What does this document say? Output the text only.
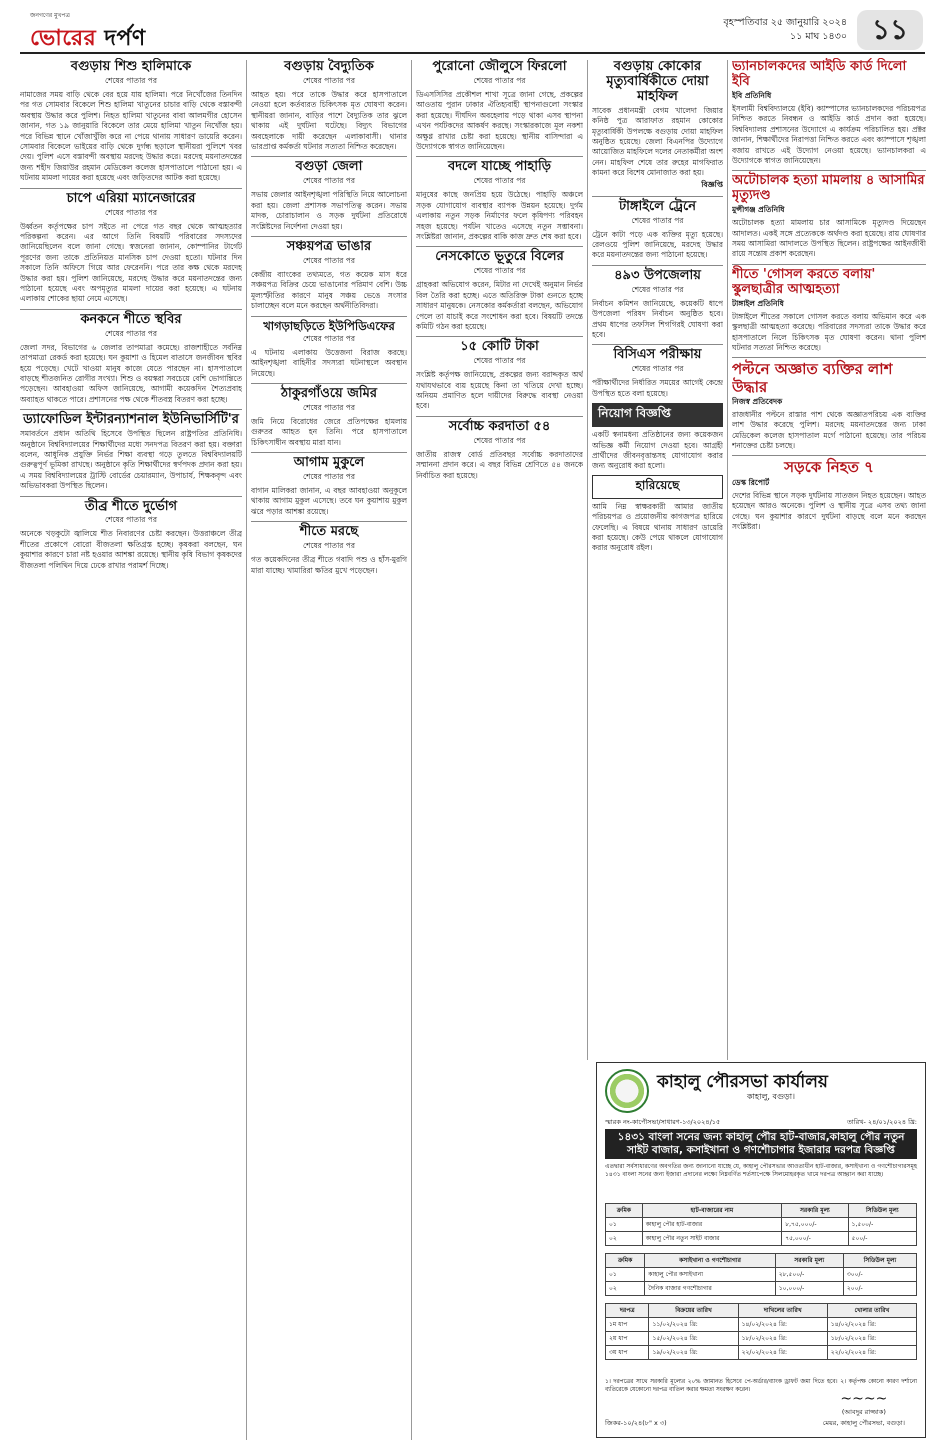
জনগণের মুখপত্র
ভোরের দর্পণ
বৃহস্পতিবার ২৫ জানুয়ারি ২০২৪
১১ মাঘ ১৪৩০ ১১
বগুড়ায় শিশু হালিমাকে
শেষের পাতার পর
নামাজের সময় বাড়ি থেকে বের হয়ে যায় হালিমা। পরে নিখোঁজের তিনদিন পর গত সোমবার বিকেলে শিশু হালিমা খাতুনের চাচার বাড়ি থেকে বস্তাবন্দী অবস্থায় উদ্ধার করে পুলিশ। নিহত হালিমা খাতুনের বাবা আলমগীর হোসেন জানান, গত ১৯ জানুয়ারি বিকেলে তার মেয়ে হালিমা খাতুন নিখোঁজ হয়। পরে বিভিন্ন স্থানে খোঁজাখুঁজি করে না পেয়ে থানায় সাধারণ ডায়েরি করেন। সোমবার বিকেলে ভাইয়ের বাড়ি থেকে দুর্গন্ধ ছড়ালে স্থানীয়রা পুলিশে খবর দেয়। পুলিশ এসে বস্তাবন্দী অবস্থায় মরদেহ উদ্ধার করে। মরদেহ ময়নাতদন্তের জন্য শহীদ জিয়াউর রহমান মেডিকেল কলেজ হাসপাতালে পাঠানো হয়। এ ঘটনায় মামলা দায়ের করা হয়েছে এবং জড়িতদের আটক করা হয়েছে।
চাপে এরিয়া ম্যানেজারের
শেষের পাতার পর
উর্ধ্বতন কর্তৃপক্ষের চাপ সইতে না পেরে গত বছর থেকে আত্মহত্যার পরিকল্পনা করেন। এর আগে তিনি বিষয়টি পরিবারের সদস্যদের জানিয়েছিলেন বলে জানা গেছে। স্বজনেরা জানান, কোম্পানির টার্গেট পূরণের জন্য তাকে প্রতিনিয়ত মানসিক চাপ দেওয়া হতো। ঘটনার দিন সকালে তিনি অফিসে গিয়ে আর ফেরেননি। পরে তার কক্ষ থেকে মরদেহ উদ্ধার করা হয়। পুলিশ জানিয়েছে, মরদেহ উদ্ধার করে ময়নাতদন্তের জন্য পাঠানো হয়েছে এবং অপমৃত্যুর মামলা দায়ের করা হয়েছে। এ ঘটনায় এলাকায় শোকের ছায়া নেমে এসেছে।
কনকনে শীতে স্থবির
শেষের পাতার পর
জেলা সদর, বিভাগের ৬ জেলার তাপমাত্রা কমেছে। রাজশাহীতে সর্বনিম্ন তাপমাত্রা রেকর্ড করা হয়েছে। ঘন কুয়াশা ও হিমেল বাতাসে জনজীবন স্থবির হয়ে পড়েছে। খেটে খাওয়া মানুষ কাজে যেতে পারছেন না। হাসপাতালে বাড়ছে শীতজনিত রোগীর সংখ্যা। শিশু ও বয়স্করা সবচেয়ে বেশি ভোগান্তিতে পড়েছেন। আবহাওয়া অফিস জানিয়েছে, আগামী কয়েকদিন শৈত্যপ্রবাহ অব্যাহত থাকতে পারে। প্রশাসনের পক্ষ থেকে শীতবস্ত্র বিতরণ করা হচ্ছে।
ড্যাফোডিল ইন্টারন্যাশনাল ইউনিভার্সিটি'র
সমাবর্তনে প্রধান অতিথি হিসেবে উপস্থিত ছিলেন রাষ্ট্রপতির প্রতিনিধি। অনুষ্ঠানে বিশ্ববিদ্যালয়ের শিক্ষার্থীদের মধ্যে সনদপত্র বিতরণ করা হয়। বক্তারা বলেন, আধুনিক প্রযুক্তি নির্ভর শিক্ষা ব্যবস্থা গড়ে তুলতে বিশ্ববিদ্যালয়টি গুরুত্বপূর্ণ ভূমিকা রাখছে। অনুষ্ঠানে কৃতি শিক্ষার্থীদের স্বর্ণপদক প্রদান করা হয়। এ সময় বিশ্ববিদ্যালয়ের ট্রাস্টি বোর্ডের চেয়ারম্যান, উপাচার্য, শিক্ষকবৃন্দ এবং অভিভাবকরা উপস্থিত ছিলেন।
তীব্র শীতে দুর্ভোগ
শেষের পাতার পর
অনেকে খড়কুটো জ্বালিয়ে শীত নিবারণের চেষ্টা করছেন। উত্তরাঞ্চলে তীব্র শীতের প্রকোপে বোরো বীজতলা ক্ষতিগ্রস্ত হচ্ছে। কৃষকরা বলছেন, ঘন কুয়াশার কারণে চারা নষ্ট হওয়ার আশঙ্কা রয়েছে। স্থানীয় কৃষি বিভাগ কৃষকদের বীজতলা পলিথিন দিয়ে ঢেকে রাখার পরামর্শ দিচ্ছে।
বগুড়ায় বৈদ্যুতিক
শেষের পাতার পর
আহত হয়। পরে তাকে উদ্ধার করে হাসপাতালে নেওয়া হলে কর্তব্যরত চিকিৎসক মৃত ঘোষণা করেন। স্থানীয়রা জানান, বাড়ির পাশে বৈদ্যুতিক তার ঝুলে থাকায় এই দুর্ঘটনা ঘটেছে। বিদ্যুৎ বিভাগের অবহেলাকে দায়ী করেছেন এলাকাবাসী। থানার ভারপ্রাপ্ত কর্মকর্তা ঘটনার সত্যতা নিশ্চিত করেছেন।
বগুড়া জেলা
শেষের পাতার পর
সভায় জেলার আইনশৃঙ্খলা পরিস্থিতি নিয়ে আলোচনা করা হয়। জেলা প্রশাসক সভাপতিত্ব করেন। সভায় মাদক, চোরাচালান ও সড়ক দুর্ঘটনা প্রতিরোধে সংশ্লিষ্টদের নির্দেশনা দেওয়া হয়।
সঞ্চয়পত্র ভাঙার
শেষের পাতার পর
কেন্দ্রীয় ব্যাংকের তথ্যমতে, গত কয়েক মাস ধরে সঞ্চয়পত্র বিক্রির চেয়ে ভাঙানোর পরিমাণ বেশি। উচ্চ মূল্যস্ফীতির কারণে মানুষ সঞ্চয় ভেঙে সংসার চালাচ্ছেন বলে মনে করছেন অর্থনীতিবিদরা।
খাগড়াছড়িতে ইউপিডিএফের
শেষের পাতার পর
এ ঘটনায় এলাকায় উত্তেজনা বিরাজ করছে। আইনশৃঙ্খলা বাহিনীর সদস্যরা ঘটনাস্থলে অবস্থান নিয়েছে।
ঠাকুরগাঁওয়ে জমির
শেষের পাতার পর
জমি নিয়ে বিরোধের জেরে প্রতিপক্ষের হামলায় গুরুতর আহত হন তিনি। পরে হাসপাতালে চিকিৎসাধীন অবস্থায় মারা যান।
আগাম মুকুলে
শেষের পাতার পর
বাগান মালিকরা জানান, এ বছর আবহাওয়া অনুকূলে থাকায় আগাম মুকুল এসেছে। তবে ঘন কুয়াশায় মুকুল ঝরে পড়ার আশঙ্কা রয়েছে।
শীতে মরছে
শেষের পাতার পর
গত কয়েকদিনের তীব্র শীতে গবাদি পশু ও হাঁস-মুরগি মারা যাচ্ছে। খামারিরা ক্ষতির মুখে পড়েছেন।
পুরোনো জৌলুসে ফিরলো
শেষের পাতার পর
ডিএসসিসির প্রকৌশল শাখা সূত্রে জানা গেছে, প্রকল্পের আওতায় পুরান ঢাকার ঐতিহ্যবাহী স্থাপনাগুলো সংস্কার করা হয়েছে। দীর্ঘদিন অবহেলায় পড়ে থাকা এসব স্থাপনা এখন পর্যটকদের আকর্ষণ করছে। সংস্কারকাজে মূল নকশা অক্ষুণ্ণ রাখার চেষ্টা করা হয়েছে। স্থানীয় বাসিন্দারা এ উদ্যোগকে স্বাগত জানিয়েছেন।
বদলে যাচ্ছে পাহাড়ি
শেষের পাতার পর
মানুষের কাছে জনপ্রিয় হয়ে উঠেছে। পাহাড়ি অঞ্চলে সড়ক যোগাযোগ ব্যবস্থার ব্যাপক উন্নয়ন হয়েছে। দুর্গম এলাকায় নতুন সড়ক নির্মাণের ফলে কৃষিপণ্য পরিবহন সহজ হয়েছে। পর্যটন খাতেও এসেছে নতুন সম্ভাবনা। সংশ্লিষ্টরা জানান, প্রকল্পের বাকি কাজ দ্রুত শেষ করা হবে।
নেসকোতে ভূতুরে বিলের
শেষের পাতার পর
গ্রাহকরা অভিযোগ করেন, মিটার না দেখেই অনুমান নির্ভর বিল তৈরি করা হচ্ছে। এতে অতিরিক্ত টাকা গুনতে হচ্ছে সাধারণ মানুষকে। নেসকোর কর্মকর্তারা বলছেন, অভিযোগ পেলে তা যাচাই করে সংশোধন করা হবে। বিষয়টি তদন্তে কমিটি গঠন করা হয়েছে।
১৫ কোটি টাকা
শেষের পাতার পর
সংশ্লিষ্ট কর্তৃপক্ষ জানিয়েছে, প্রকল্পের জন্য বরাদ্দকৃত অর্থ যথাযথভাবে ব্যয় হয়েছে কিনা তা খতিয়ে দেখা হচ্ছে। অনিয়ম প্রমাণিত হলে দায়ীদের বিরুদ্ধে ব্যবস্থা নেওয়া হবে।
সর্বোচ্চ করদাতা ৫৪
শেষের পাতার পর
জাতীয় রাজস্ব বোর্ড প্রতিবছর সর্বোচ্চ করদাতাদের সম্মাননা প্রদান করে। এ বছর বিভিন্ন শ্রেণিতে ৫৪ জনকে নির্বাচিত করা হয়েছে।
বগুড়ায় কোকোর মৃত্যুবার্ষিকীতে দোয়া মাহফিল
সাবেক প্রধানমন্ত্রী বেগম খালেদা জিয়ার কনিষ্ঠ পুত্র আরাফাত রহমান কোকোর মৃত্যুবার্ষিকী উপলক্ষে বগুড়ায় দোয়া মাহফিল অনুষ্ঠিত হয়েছে। জেলা বিএনপির উদ্যোগে আয়োজিত মাহফিলে দলের নেতাকর্মীরা অংশ নেন। মাহফিল শেষে তার রুহের মাগফিরাত কামনা করে বিশেষ মোনাজাত করা হয়।
বিজ্ঞপ্তি
টাঙ্গাইলে ট্রেনে
শেষের পাতার পর
ট্রেনে কাটা পড়ে এক ব্যক্তির মৃত্যু হয়েছে। রেলওয়ে পুলিশ জানিয়েছে, মরদেহ উদ্ধার করে ময়নাতদন্তের জন্য পাঠানো হয়েছে।
৪৯৩ উপজেলায়
শেষের পাতার পর
নির্বাচন কমিশন জানিয়েছে, কয়েকটি ধাপে উপজেলা পরিষদ নির্বাচন অনুষ্ঠিত হবে। প্রথম ধাপের তফসিল শিগগিরই ঘোষণা করা হবে।
বিসিএস পরীক্ষায়
শেষের পাতার পর
পরীক্ষার্থীদের নির্ধারিত সময়ের আগেই কেন্দ্রে উপস্থিত হতে বলা হয়েছে।
নিয়োগ বিজ্ঞপ্তি
একটি স্বনামধন্য প্রতিষ্ঠানের জন্য কয়েকজন অভিজ্ঞ কর্মী নিয়োগ দেওয়া হবে। আগ্রহী প্রার্থীদের জীবনবৃত্তান্তসহ যোগাযোগ করার জন্য অনুরোধ করা হলো।
হারিয়েছে
আমি নিম্ন স্বাক্ষরকারী আমার জাতীয় পরিচয়পত্র ও প্রয়োজনীয় কাগজপত্র হারিয়ে ফেলেছি। এ বিষয়ে থানায় সাধারণ ডায়েরি করা হয়েছে। কেউ পেয়ে থাকলে যোগাযোগ করার অনুরোধ রইল।
ভ্যানচালকদের আইডি কার্ড দিলো ইবি
ইবি প্রতিনিধি
ইসলামী বিশ্ববিদ্যালয়ে (ইবি) ক্যাম্পাসের ভ্যানচালকদের পরিচয়পত্র নিশ্চিত করতে নিবন্ধন ও আইডি কার্ড প্রদান করা হয়েছে। বিশ্ববিদ্যালয় প্রশাসনের উদ্যোগে এ কার্যক্রম পরিচালিত হয়। প্রক্টর জানান, শিক্ষার্থীদের নিরাপত্তা নিশ্চিত করতে এবং ক্যাম্পাসে শৃঙ্খলা বজায় রাখতে এই উদ্যোগ নেওয়া হয়েছে। ভ্যানচালকরা এ উদ্যোগকে স্বাগত জানিয়েছেন।
অটোচালক হত্যা মামলায় ৪ আসামির মৃত্যুদণ্ড
মুন্সীগঞ্জ প্রতিনিধি
অটোচালক হত্যা মামলায় চার আসামিকে মৃত্যুদণ্ড দিয়েছেন আদালত। একই সঙ্গে প্রত্যেককে অর্থদণ্ড করা হয়েছে। রায় ঘোষণার সময় আসামিরা আদালতে উপস্থিত ছিলেন। রাষ্ট্রপক্ষের আইনজীবী রায়ে সন্তোষ প্রকাশ করেছেন।
শীতে 'গোসল করতে বলায়' স্কুলছাত্রীর আত্মহত্যা
টাঙ্গাইল প্রতিনিধি
টাঙ্গাইলে শীতের সকালে গোসল করতে বলায় অভিমান করে এক স্কুলছাত্রী আত্মহত্যা করেছে। পরিবারের সদস্যরা তাকে উদ্ধার করে হাসপাতালে নিলে চিকিৎসক মৃত ঘোষণা করেন। থানা পুলিশ ঘটনার সত্যতা নিশ্চিত করেছে।
পল্টনে অজ্ঞাত ব্যক্তির লাশ উদ্ধার
নিজস্ব প্রতিবেদক
রাজধানীর পল্টনে রাস্তার পাশ থেকে অজ্ঞাতপরিচয় এক ব্যক্তির লাশ উদ্ধার করেছে পুলিশ। মরদেহ ময়নাতদন্তের জন্য ঢাকা মেডিকেল কলেজ হাসপাতাল মর্গে পাঠানো হয়েছে। তার পরিচয় শনাক্তের চেষ্টা চলছে।
সড়কে নিহত ৭
ডেস্ক রিপোর্ট
দেশের বিভিন্ন স্থানে সড়ক দুর্ঘটনায় সাতজন নিহত হয়েছেন। আহত হয়েছেন আরও অনেকে। পুলিশ ও স্থানীয় সূত্রে এসব তথ্য জানা গেছে। ঘন কুয়াশার কারণে দুর্ঘটনা বাড়ছে বলে মনে করছেন সংশ্লিষ্টরা।
কাহালু পৌরসভা কার্যালয়
কাহালু, বগুড়া।
স্মারক নং-কাপৌসভা/সাধারণ-১৩/২০২৪/১৫	তারিখ- ২৪/০১/২০২৪ খ্রি:
১৪৩১ বাংলা সনের জন্য কাহালু পৌর হাট-বাজার,কাহালু পৌর নতুন সাইট বাজার, কসাইখানা ও গণশৌচাগার ইজারার দরপত্র বিজ্ঞপ্তি
এতদ্বারা সর্বসাধারণের অবগতির জন্য জানানো যাচ্ছে যে, কাহালু পৌরসভার আওতাধীন হাট-বাজার, কসাইখানা ও গণশৌচাগারসমূহ ১৪৩১ বাংলা সনের জন্য ইজারা প্রদানের লক্ষ্যে নিম্নবর্ণিত শর্তসাপেক্ষে সিলমোহরকৃত খামে দরপত্র আহ্বান করা যাচ্ছে।
ক্রমিক	হাট-বাজারের নাম	সরকারি মূল্য	সিডিউল মূল্য
০১	কাহালু পৌর হাট-বাজার	৮,৭৫,০০০/-	১,৫০০/-
০২	কাহালু পৌর নতুন সাইট বাজার	৭৫,০০০/-	৫০০/-
ক্রমিক	কসাইখানা ও গণশৌচাগার	সরকারি মূল্য	সিডিউল মূল্য
০১	কাহালু পৌর কসাইখানা	২৮,৫০০/-	৩০০/-
০২	দৈনিক বাজার গণশৌচাগার	১০,০০০/-	২০০/-
দরপত্র	বিক্রয়ের তারিখ	দাখিলের তারিখ	খোলার তারিখ
১ম ধাপ	১১/০২/২০২৪ খ্রি:	১৪/০২/২০২৪ খ্রি:	১৪/০২/২০২৪ খ্রি:
২য় ধাপ	১৫/০২/২০২৪ খ্রি:	১৮/০২/২০২৪ খ্রি:	১৮/০২/২০২৪ খ্রি:
৩য় ধাপ	১৯/০২/২০২৪ খ্রি:	২২/০২/২০২৪ খ্রি:	২২/০২/২০২৪ খ্রি:
১। দরপত্রের সাথে সরকারি মূল্যের ২০% জামানত হিসেবে পে-অর্ডার/ব্যাংক ড্রাফট জমা দিতে হবে। ২। কর্তৃপক্ষ কোনো কারণ দর্শানো ব্যতিরেকে যেকোনো দরপত্র বাতিল করার ক্ষমতা সংরক্ষণ করেন।
জিকর-১০/২৪(৮" x ৩)
~~~~
(আবদুর রাজ্জাক)
মেয়র, কাহালু পৌরসভা, বগুড়া।
